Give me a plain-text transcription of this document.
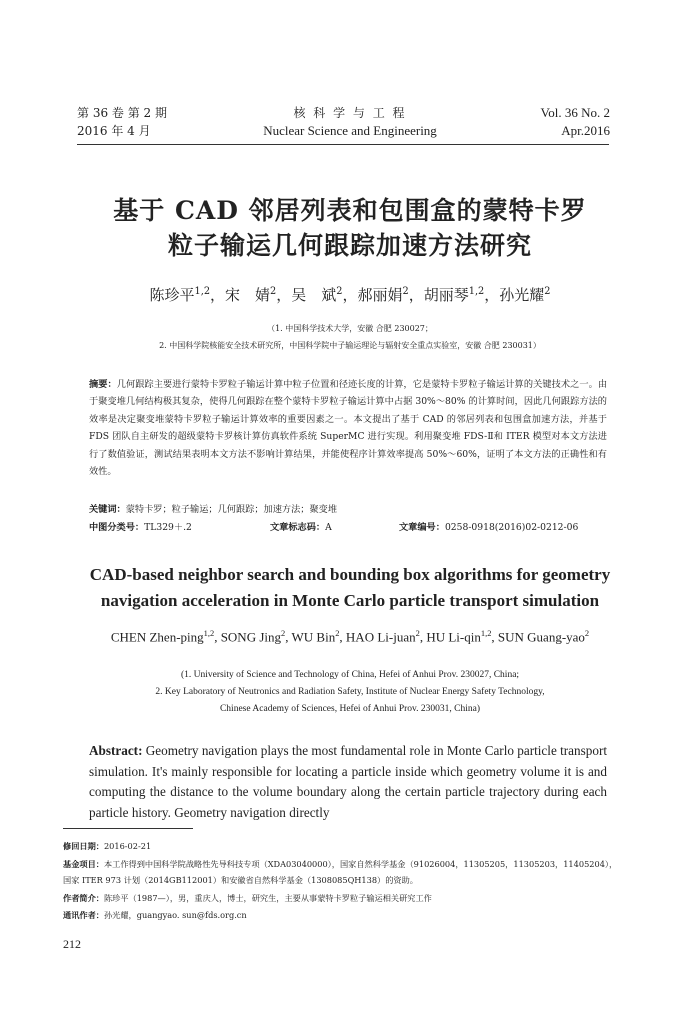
第 36 卷 第 2 期
2016 年 4 月
核 科 学 与 工 程
Nuclear Science and Engineering
Vol. 36 No. 2
Apr.2016
基于 CAD 邻居列表和包围盒的蒙特卡罗
粒子输运几何跟踪加速方法研究
陈珍平$^{1,2}$，宋　婧$^2$，吴　斌$^2$，郝丽娟$^2$，胡丽琴$^{1,2}$，孙光耀$^2$
（1. 中国科学技术大学，安徽 合肥 230027；
2. 中国科学院核能安全技术研究所，中国科学院中子输运理论与辐射安全重点实验室，安徽 合肥 230031）
摘要：几何跟踪主要进行蒙特卡罗粒子输运计算中粒子位置和径迹长度的计算，它是蒙特卡罗粒子输运计算的关键技术之一。由于聚变堆几何结构极其复杂，使得几何跟踪在整个蒙特卡罗粒子输运计算中占据 30%～80% 的计算时间，因此几何跟踪方法的效率是决定聚变堆蒙特卡罗粒子输运计算效率的重要因素之一。本文提出了基于 CAD 的邻居列表和包围盒加速方法，并基于 FDS 团队自主研发的超级蒙特卡罗核计算仿真软件系统 SuperMC 进行实现。利用聚变堆 FDS-Ⅱ和 ITER 模型对本文方法进行了数值验证，测试结果表明本文方法不影响计算结果，并能使程序计算效率提高 50%～60%，证明了本文方法的正确性和有效性。
关键词：蒙特卡罗；粒子输运；几何跟踪；加速方法；聚变堆
中图分类号：TL329＋.2	文章标志码：A	文章编号：0258-0918(2016)02-0212-06
CAD-based neighbor search and bounding box algorithms for geometry
navigation acceleration in Monte Carlo particle transport simulation
CHEN Zhen-ping$^{1,2}$, SONG Jing$^2$, WU Bin$^2$, HAO Li-juan$^2$, HU Li-qin$^{1,2}$, SUN Guang-yao$^2$
(1. University of Science and Technology of China, Hefei of Anhui Prov. 230027, China;
2. Key Laboratory of Neutronics and Radiation Safety, Institute of Nuclear Energy Safety Technology,
Chinese Academy of Sciences, Hefei of Anhui Prov. 230031, China)
Abstract: Geometry navigation plays the most fundamental role in Monte Carlo particle transport simulation. It's mainly responsible for locating a particle inside which geometry volume it is and computing the distance to the volume boundary along the certain particle trajectory during each particle history. Geometry navigation directly
修回日期：2016-02-21
基金项目：本工作得到中国科学院战略性先导科技专项（XDA03040000），国家自然科学基金（91026004，11305205，11305203，11405204），国家 ITER 973 计划（2014GB112001）和安徽省自然科学基金（1308085QH138）的资助。
作者简介：陈珍平（1987—），男，重庆人，博士，研究生，主要从事蒙特卡罗粒子输运相关研究工作
通讯作者：孙光耀，guangyao. sun@fds.org.cn
212
